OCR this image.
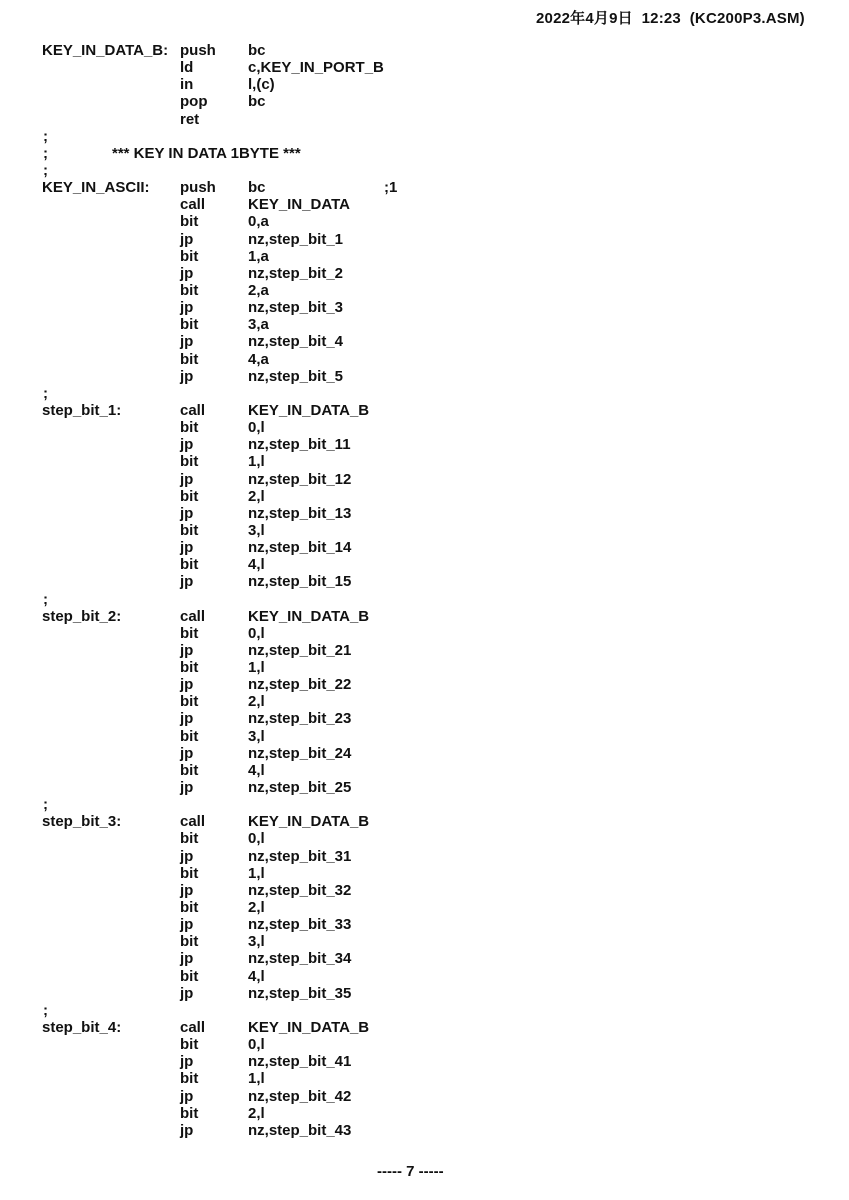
2022年4月9日 12:23 (KC200P3.ASM)
KEY_IN_DATA_B: push bc
ld	c,KEY_IN_PORT_B
in	l,(c)
pop	bc
ret
;
;	*** KEY IN DATA 1BYTE ***
;
KEY_IN_ASCII: push bc	;1
call	KEY_IN_DATA
bit	0,a
jp	nz,step_bit_1
bit	1,a
jp	nz,step_bit_2
bit	2,a
jp	nz,step_bit_3
bit	3,a
jp	nz,step_bit_4
bit	4,a
jp	nz,step_bit_5
;
step_bit_1:	call	KEY_IN_DATA_B
bit	0,l
jp	nz,step_bit_11
bit	1,l
jp	nz,step_bit_12
bit	2,l
jp	nz,step_bit_13
bit	3,l
jp	nz,step_bit_14
bit	4,l
jp	nz,step_bit_15
;
step_bit_2:	call	KEY_IN_DATA_B
bit	0,l
jp	nz,step_bit_21
bit	1,l
jp	nz,step_bit_22
bit	2,l
jp	nz,step_bit_23
bit	3,l
jp	nz,step_bit_24
bit	4,l
jp	nz,step_bit_25
;
step_bit_3:	call	KEY_IN_DATA_B
bit	0,l
jp	nz,step_bit_31
bit	1,l
jp	nz,step_bit_32
bit	2,l
jp	nz,step_bit_33
bit	3,l
jp	nz,step_bit_34
bit	4,l
jp	nz,step_bit_35
;
step_bit_4:	call	KEY_IN_DATA_B
bit	0,l
jp	nz,step_bit_41
bit	1,l
jp	nz,step_bit_42
bit	2,l
jp	nz,step_bit_43
----- 7 -----
